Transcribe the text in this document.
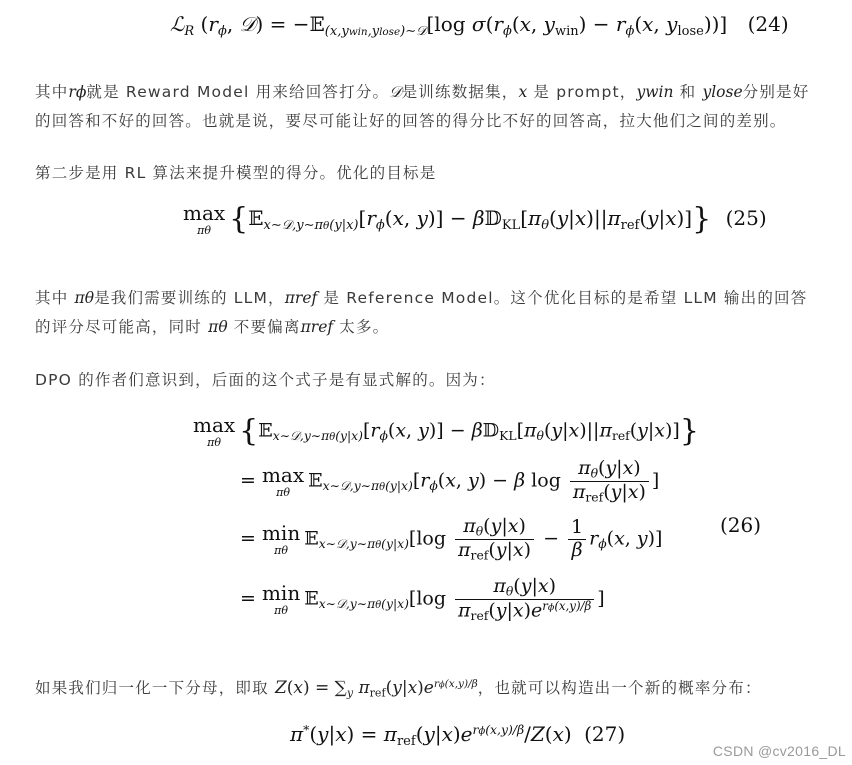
ℒ$_R$ ($r_\phi$, 𝒟) = −𝔼$_{(x,ywin,ylose)\sim 𝒟}$[log $\sigma(r_\phi(x$, $y_{win}) - r_\phi(x$, $y_{lose}$))] (24)
其中rϕ就是 Reward Model 用来给回答打分。𝒟是训练数据集，x 是 prompt，ywin 和 ylose分别是好
的回答和不好的回答。也就是说，要尽可能让好的回答的得分比不好的回答高，拉大他们之间的差别。
第二步是用 RL 算法来提升模型的得分。优化的目标是
max
πθ {$𝔼_{x\sim 𝒟,y\sim\pi\theta(y|x)}[r_\phi(x$, $y)] - \beta 𝔻_{KL}[\pi_\theta(y|x)||\pi_{ref}(y|x)]$} (25)
其中 πθ是我们需要训练的 LLM，πref 是 Reference Model。这个优化目标的是希望 LLM 输出的回答
的评分尽可能高，同时 πθ 不要偏离πref 太多。
DPO 的作者们意识到，后面的这个式子是有显式解的。因为：
max
πθ {$𝔼_{x\sim 𝒟,y\sim\pi\theta(y|x)}[r_\phi(x$, $y)] - \beta 𝔻_{KL}[\pi_\theta(y|x)||\pi_{ref}(y|x)]$}
= max
πθ
$𝔼_{x\sim 𝒟,y\sim\pi\theta(y|x)}[r_\phi(x$, y) − β $\log \frac{\pi_\theta(y|x)}{\pi_{ref}(y|x)}$ ]
= min
πθ
𝔼$_{x\sim 𝒟,y\sim\pi\theta(y|x)}$[log $\frac{\pi_\theta(y|x)}{\pi_{ref}(y|x)} - \frac{1}{\beta} r_\phi(x$, y)]
= min
πθ
𝔼$_{x\sim 𝒟,y\sim\pi\theta(y|x)}$[log $\frac{\pi_\theta(y|x)}{\pi_{ref}(y|x)e^{r\phi(x,y)/\beta}}$ ]
(26)
如果我们归一化一下分母，即取 $Z(x) = \sum_y$ $\pi_{ref}(y|x)e^{r\phi(x,y)/\beta}$，也就可以构造出一个新的概率分布：
$\pi^*(y|x) = \pi_{ref}(y|x)e^{r\phi(x,y)/\beta}/Z(x)$ (27)
CSDN @cv2016_DL
